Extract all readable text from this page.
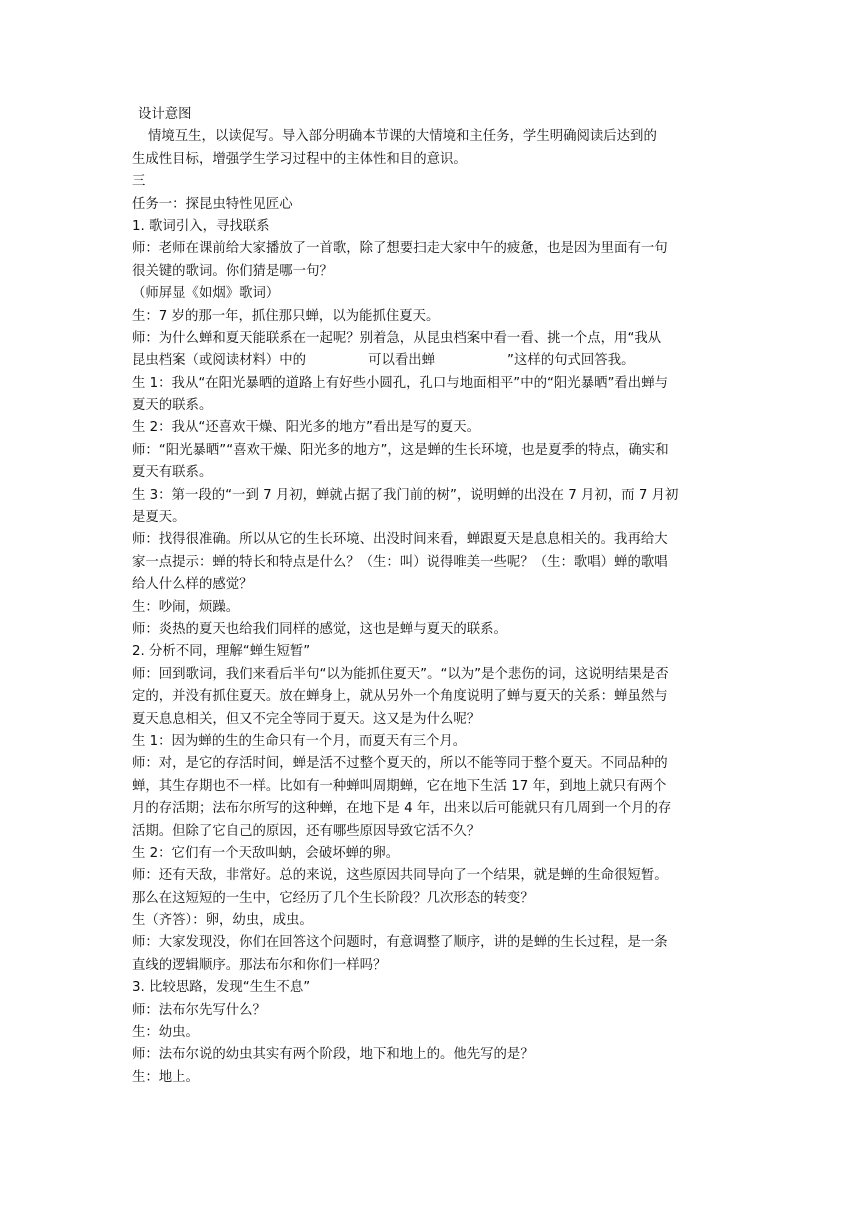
设计意图
情境互生，以读促写。导入部分明确本节课的大情境和主任务，学生明确阅读后达到的
生成性目标，增强学生学习过程中的主体性和目的意识。
三
任务一：探昆虫特性见匠心
1. 歌词引入，寻找联系
师：老师在课前给大家播放了一首歌，除了想要扫走大家中午的疲惫，也是因为里面有一句
很关键的歌词。你们猜是哪一句？
（师屏显《如烟》歌词）
生：7 岁的那一年，抓住那只蝉，以为能抓住夏天。
师：为什么蝉和夏天能联系在一起呢？别着急，从昆虫档案中看一看、挑一个点，用“我从
昆虫档案（或阅读材料）中的	可以看出蝉	”这样的句式回答我。
生 1：我从“在阳光暴晒的道路上有好些小圆孔，孔口与地面相平”中的“阳光暴晒”看出蝉与
夏天的联系。
生 2：我从“还喜欢干燥、阳光多的地方”看出是写的夏天。
师：“阳光暴晒”“喜欢干燥、阳光多的地方”，这是蝉的生长环境，也是夏季的特点，确实和
夏天有联系。
生 3：第一段的“一到 7 月初，蝉就占据了我门前的树”，说明蝉的出没在 7 月初，而 7 月初
是夏天。
师：找得很准确。所以从它的生长环境、出没时间来看，蝉跟夏天是息息相关的。我再给大
家一点提示：蝉的特长和特点是什么？（生：叫）说得唯美一些呢？（生：歌唱）蝉的歌唱
给人什么样的感觉？
生：吵闹，烦躁。
师：炎热的夏天也给我们同样的感觉，这也是蝉与夏天的联系。
2. 分析不同，理解“蝉生短暂”
师：回到歌词，我们来看后半句“以为能抓住夏天”。“以为”是个悲伤的词，这说明结果是否
定的，并没有抓住夏天。放在蝉身上，就从另外一个角度说明了蝉与夏天的关系：蝉虽然与
夏天息息相关，但又不完全等同于夏天。这又是为什么呢？
生 1：因为蝉的生的生命只有一个月，而夏天有三个月。
师：对，是它的存活时间，蝉是活不过整个夏天的，所以不能等同于整个夏天。不同品种的
蝉，其生存期也不一样。比如有一种蝉叫周期蝉，它在地下生活 17 年，到地上就只有两个
月的存活期；法布尔所写的这种蝉，在地下是 4 年，出来以后可能就只有几周到一个月的存
活期。但除了它自己的原因，还有哪些原因导致它活不久？
生 2：它们有一个天敌叫蚋，会破坏蝉的卵。
师：还有天敌，非常好。总的来说，这些原因共同导向了一个结果，就是蝉的生命很短暂。
那么在这短短的一生中，它经历了几个生长阶段？几次形态的转变？
生（齐答）：卵，幼虫，成虫。
师：大家发现没，你们在回答这个问题时，有意调整了顺序，讲的是蝉的生长过程，是一条
直线的逻辑顺序。那法布尔和你们一样吗？
3. 比较思路，发现“生生不息”
师：法布尔先写什么？
生：幼虫。
师：法布尔说的幼虫其实有两个阶段，地下和地上的。他先写的是？
生：地上。
